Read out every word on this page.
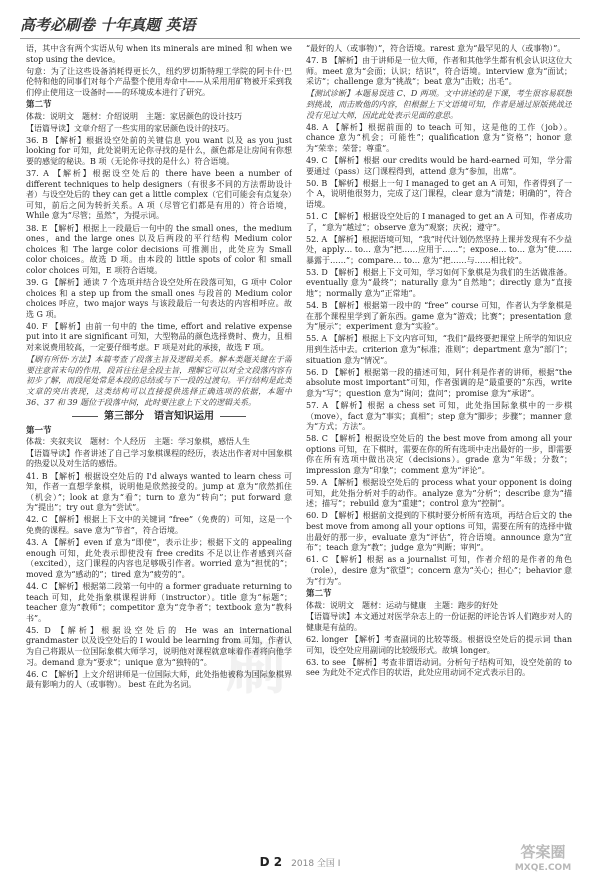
高考必刷卷 十年真题 英语
刷

语，其中含有两个实语从句 when its minerals are mined 和 when we stop using the device。

句意：为了让这些设备消耗得更长久，纽约罗切斯特理工学院的阿卡什·巴伦特和他的同事们对每个产品整个使用寿命中——从采用用矿物被开采到我们停止使用这一设备时——的环境成本进行了研究。

第二节
体裁：说明文　题材：介绍说明　主题：家居颜色的设计技巧

【语篇导读】文章介绍了一些实用的家居颜色设计的技巧。

36. B 【解析】根据设空处前的关键信息 you want 以及 as you just looking for 可知，此处说明无论你寻找的是什么，颜色都是让房间有你想要的感觉的秘诀。B 项（无论你寻找的是什么）符合语境。

37. A 【解析】根据设空处后的 there have been a number of different techniques to help designers（有很多不同的方法帮助设计者）与设空处后的 they can get a little complex（它们可能会有点复杂）可知，前后之间为转折关系。A 项（尽管它们都是有用的）符合语境，While 意为“尽管；虽然”，为提示词。

38. E 【解析】根据上一段最后一句中的 the small ones，the medium ones，and the large ones 以及后两段的平行结构 Medium color choices 和 The large color decisions 可推测出，此处应为 Small color choices。故选 D 项。由本段的 little spots of color 和 small color choices 可知，E 项符合语境。

39. G 【解析】通读 7 个选项并结合设空处所在段落可知，G 项中 Color choices 和 a step up from the small ones 与段首的 Medium color choices 呼应，two major ways 与该段最后一句表达的内容相呼应。故选 G 项。

40. F 【解析】由前一句中的 the time, effort and relative expense put into it are significant 可知，大型物品的颜色选择费时、费力，且相对来说费用较高，一定要仔细考虑。F 项是对此的承接，故选 F 项。

【刷有所悟·方法】本篇考查了段落主旨及逻辑关系。解本类题关键在于需要注意首末句的作用，段首往往是全段主旨，理解它可以对全文段落内容有初步了解，而段尾处常是本段的总结或与下一段的过渡句。平行结构是此类文章的突出表现，这类结构可以直接提供选择正确选项的依据，本题中 36、37 和 39 题位于段落中间，此时要注意上下文的逻辑关系。

第三部分　语言知识运用
第一节
体裁：夹叙夹议　题材：个人经历　主题：学习象棋，感悟人生

【语篇导读】作者讲述了自己学习象棋课程的经历，表达出作者对中国象棋的热爱以及对生活的感悟。

41. B 【解析】根据设空处后的 I'd always wanted to learn chess 可知，作者一直想学象棋，说明他是欣然接受的。jump at 意为“欣然抓住（机会）”；look at 意为“看”；turn to 意为“转向”；put forward 意为“提出”；try out 意为“尝试”。

42. C 【解析】根据上下文中的关键词 “free”（免费的）可知，这是一个免费的课程。save 意为“节省”，符合语境。

43. A 【解析】even if 意为“即使”，表示让步；根据下文的 appealing enough 可知，此处表示即使没有 free credits 不足以让作者感到兴奋（excited），这门课程的内容也足够吸引作者。worried 意为“担忧的”；moved 意为“感动的”；tired 意为“疲劳的”。

44. C 【解析】根据第二段第一句中的 a former graduate returning to teach 可知，此处指象棋课程讲师（instructor）。title 意为“标题”；teacher 意为“教师”；competitor 意为“竞争者”；textbook 意为“教科书”。

45. D 【解析】根据设空处后的 He was an international grandmaster 以及设空处后的 I would be learning from 可知，作者认为自己将跟从一位国际象棋大师学习，说明他对课程就意味着作者将向他学习。demand 意为“要求”；unique 意为“独特的”。

46. C 【解析】上文介绍讲师是一位国际大师，此处指他被称为国际象棋界最有影响力的人（或事物）。 best 在此为名词。

“最好的人（或事物）”，符合语境。rarest 意为“最罕见的人（或事物）”。

47. B 【解析】由于讲师是一位大师，作者和其他学生都有机会认识这位大师。meet 意为“会面；认识；结识”，符合语境。interview 意为“面试；采访”；challenge 意为“挑战”；beat 意为“击败；出毛”。

【测试诊断】本题易误选 C、D 两项。文中讲述的是下课，考生很容易联想到挑战，而击败他的内容，但根据上下文语境可知，作者是通过原版挑战还没有见过大师，因此此处表示见面的意思。

48. A 【解析】根据前面的 to teach 可知，这是他的工作（job）。chance 意为“机会；可能性”；qualification 意为“资格”；honor 意为“荣幸；荣誉；尊重”。

49. C 【解析】根据 our credits would be hard-earned 可知，学分需要通过（pass）这门课程得到，attend 意为“参加，出席”。

50. B 【解析】根据上一句 I managed to get an A 可知，作者得到了一个 A，说明他很努力，完成了这门课程，clear 意为“清楚；明确的”，符合语境。

51. C 【解析】根据设空处后的 I managed to get an A 可知，作者成功了，“意为“越过”；observe 意为“观察；庆祝；遵守”。

52. A 【解析】根据语境可知，“我”时代计划仍然坚持上课并发现有不少益处，apply… to… 意为“把……应用于……”；expose… to… 意为“使……暴露于……”；compare… to… 意为“把……与……相比较”。

53. D 【解析】根据上下文可知，学习如何下象棋是为我们的生活做准备。eventually 意为“最终”；naturally 意为“自然地”；directly 意为“直接地”；normally 意为“正常地”。

54. B 【解析】根据第一段中的 “free” course 可知，作者认为学象棋是在那个课程里学到了新东西。game 意为“游戏；比赛”；presentation 意为“展示”；experiment 意为“实验”。

55. A 【解析】根据上下文内容可知，“我们”最终要把课堂上所学的知识应用到生活中去。criterion 意为“标准；准则”；department 意为“部门”；situation 意为“情况”。

56. D 【解析】根据第一段的描述可知，阿什利是作者的讲师，根据“the absolute most important”可知，作者强调的是“最重要的”东西，write 意为“写”；question 意为“询问；盘问”；promise 意为“承诺”。

57. A 【解析】根据 a chess set 可知，此处指国际象棋中的一步棋（move），fact 意为“事实；真相”；step 意为“脚步；步骤”；manner 意为“方式；方法”。

58. C 【解析】根据设空处后的 the best move from among all your options 可知，在下棋时，需要在你的所有选项中走出最好的一步，即需要你在所有选项中做出决定（decisions）。grade 意为“年级；分数”；impression 意为“印象”；comment 意为“评论”。

59. A 【解析】根据设空处后的 process what your opponent is doing 可知，此处指分析对手的动作。analyze 意为“分析”；describe 意为“描述；描写”；rebuild 意为“重建”；control 意为“控制”。

60. D 【解析】根据前文提到的下棋时要分析所有选项，再结合后文的 the best move from among all your options 可知，需要在所有的选择中做出最好的那一步，evaluate 意为“评估”，符合语境。announce 意为“宣布”；teach 意为“教”；judge 意为“判断；审判”。

61. C 【解析】根据 as a journalist 可知，作者介绍的是作者的角色（role），desire 意为“欲望”；concern 意为“关心；担心”；behavior 意为“行为”。

第二节
体裁：说明文　题材：运动与健康　主题：跑步的好处

【语篇导读】本文通过对医学杂志上的一份证据的评论告诉人们跑步对人的健康是有益的。

62. longer 【解析】考查副词的比较等级。根据设空处后的提示词 than 可知，设空处应用副词的比较级形式。故填 longer。

63. to see 【解析】考查非谓语动词。分析句子结构可知，设空处前的 to see 为此处不定式作目的状语，此处应用动词不定式表示目的。

D 2 2018 全国 I
答案圈
MXQE.COM
